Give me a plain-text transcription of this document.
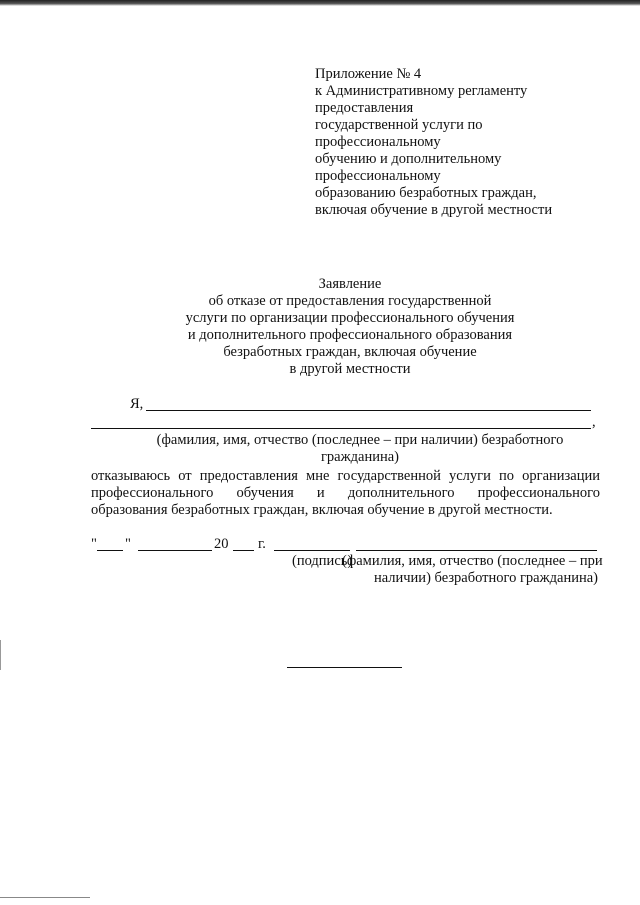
Приложение № 4
к Административному регламенту
предоставления
государственной услуги по
профессиональному
обучению и дополнительному
профессиональному
образованию безработных граждан,
включая обучение в другой местности
Заявление
об отказе от предоставления государственной
услуги по организации профессионального обучения
и дополнительного профессионального образования
безработных граждан, включая обучение
в другой местности
Я,
,
(фамилия, имя, отчество (последнее – при наличии) безработного
гражданина)
отказываюсь от предоставления мне государственной услуги по организации
профессионального обучения и дополнительного профессионального
образования безработных граждан, включая обучение в другой местности.
" "	20 г.
(подпись)
(фамилия, имя, отчество (последнее – при
наличии) безработного гражданина)
